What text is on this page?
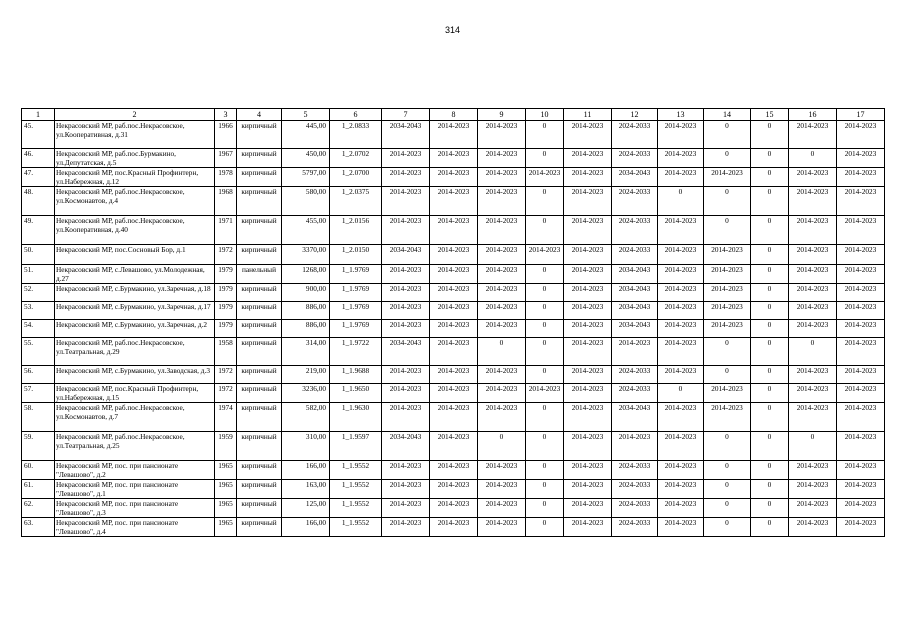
314
1	2	3	4	5	6	7	8	9	10	11	12	13	14	15	16	17
45.	Некрасовский МР, раб.пос.Некрасовское, ул.Кооперативная, д.31	1966	кирпичный	445,00	1_2.0833	2034-2043	2014-2023	2014-2023	0	2014-2023	2024-2033	2014-2023	0	0	2014-2023	2014-2023
46.	Некрасовский МР, раб.пос.Бурмакино, ул.Депутатская, д.5	1967	кирпичный	450,00	1_2.0702	2014-2023	2014-2023	2014-2023	0	2014-2023	2024-2033	2014-2023	0	0	0	2014-2023
47.	Некрасовский МР, пос.Красный Профинтерн, ул.Набережная, д.12	1978	кирпичный	5797,00	1_2.0700	2014-2023	2014-2023	2014-2023	2014-2023	2014-2023	2034-2043	2014-2023	2014-2023	0	2014-2023	2014-2023
48.	Некрасовский МР, раб.пос.Некрасовское, ул.Космонавтов, д.4	1968	кирпичный	580,00	1_2.0375	2014-2023	2014-2023	2014-2023	0	2014-2023	2024-2033	0	0	0	2014-2023	2014-2023
49.	Некрасовский МР, раб.пос.Некрасовское, ул.Кооперативная, д.40	1971	кирпичный	455,00	1_2.0156	2014-2023	2014-2023	2014-2023	0	2014-2023	2024-2033	2014-2023	0	0	2014-2023	2014-2023
50.	Некрасовский МР, пос.Сосновый Бор, д.1	1972	кирпичный	3370,00	1_2.0150	2034-2043	2014-2023	2014-2023	2014-2023	2014-2023	2024-2033	2014-2023	2014-2023	0	2014-2023	2014-2023
51.	Некрасовский МР, с.Левашово, ул.Молодежная, д.27	1979	панельный	1268,00	1_1.9769	2014-2023	2014-2023	2014-2023	0	2014-2023	2034-2043	2014-2023	2014-2023	0	2014-2023	2014-2023
52.	Некрасовский МР, с.Бурмакино, ул.Заречная, д.18	1979	кирпичный	900,00	1_1.9769	2014-2023	2014-2023	2014-2023	0	2014-2023	2034-2043	2014-2023	2014-2023	0	2014-2023	2014-2023
53.	Некрасовский МР, с.Бурмакино, ул.Заречная, д.17	1979	кирпичный	886,00	1_1.9769	2014-2023	2014-2023	2014-2023	0	2014-2023	2034-2043	2014-2023	2014-2023	0	2014-2023	2014-2023
54.	Некрасовский МР, с.Бурмакино, ул.Заречная, д.2	1979	кирпичный	886,00	1_1.9769	2014-2023	2014-2023	2014-2023	0	2014-2023	2034-2043	2014-2023	2014-2023	0	2014-2023	2014-2023
55.	Некрасовский МР, раб.пос.Некрасовское, ул.Театральная, д.29	1958	кирпичный	314,00	1_1.9722	2034-2043	2014-2023	0	0	2014-2023	2014-2023	2014-2023	0	0	0	2014-2023
56.	Некрасовский МР, с.Бурмакино, ул.Заводская, д.3	1972	кирпичный	219,00	1_1.9688	2014-2023	2014-2023	2014-2023	0	2014-2023	2024-2033	2014-2023	0	0	2014-2023	2014-2023
57.	Некрасовский МР, пос.Красный Профинтерн, ул.Набережная, д.15	1972	кирпичный	3236,00	1_1.9650	2014-2023	2014-2023	2014-2023	2014-2023	2014-2023	2024-2033	0	2014-2023	0	2014-2023	2014-2023
58.	Некрасовский МР, раб.пос.Некрасовское, ул.Космонавтов, д.7	1974	кирпичный	582,00	1_1.9630	2014-2023	2014-2023	2014-2023	0	2014-2023	2034-2043	2014-2023	2014-2023	0	2014-2023	2014-2023
59.	Некрасовский МР, раб.пос.Некрасовское, ул.Театральная, д.25	1959	кирпичный	310,00	1_1.9597	2034-2043	2014-2023	0	0	2014-2023	2014-2023	2014-2023	0	0	0	2014-2023
60.	Некрасовский МР, пос. при пансионате "Левашово", д.2	1965	кирпичный	166,00	1_1.9552	2014-2023	2014-2023	2014-2023	0	2014-2023	2024-2033	2014-2023	0	0	2014-2023	2014-2023
61.	Некрасовский МР, пос. при пансионате "Левашово", д.1	1965	кирпичный	163,00	1_1.9552	2014-2023	2014-2023	2014-2023	0	2014-2023	2024-2033	2014-2023	0	0	2014-2023	2014-2023
62.	Некрасовский МР, пос. при пансионате "Левашово", д.3	1965	кирпичный	125,00	1_1.9552	2014-2023	2014-2023	2014-2023	0	2014-2023	2024-2033	2014-2023	0	0	2014-2023	2014-2023
63.	Некрасовский МР, пос. при пансионате "Левашово", д.4	1965	кирпичный	166,00	1_1.9552	2014-2023	2014-2023	2014-2023	0	2014-2023	2024-2033	2014-2023	0	0	2014-2023	2014-2023
